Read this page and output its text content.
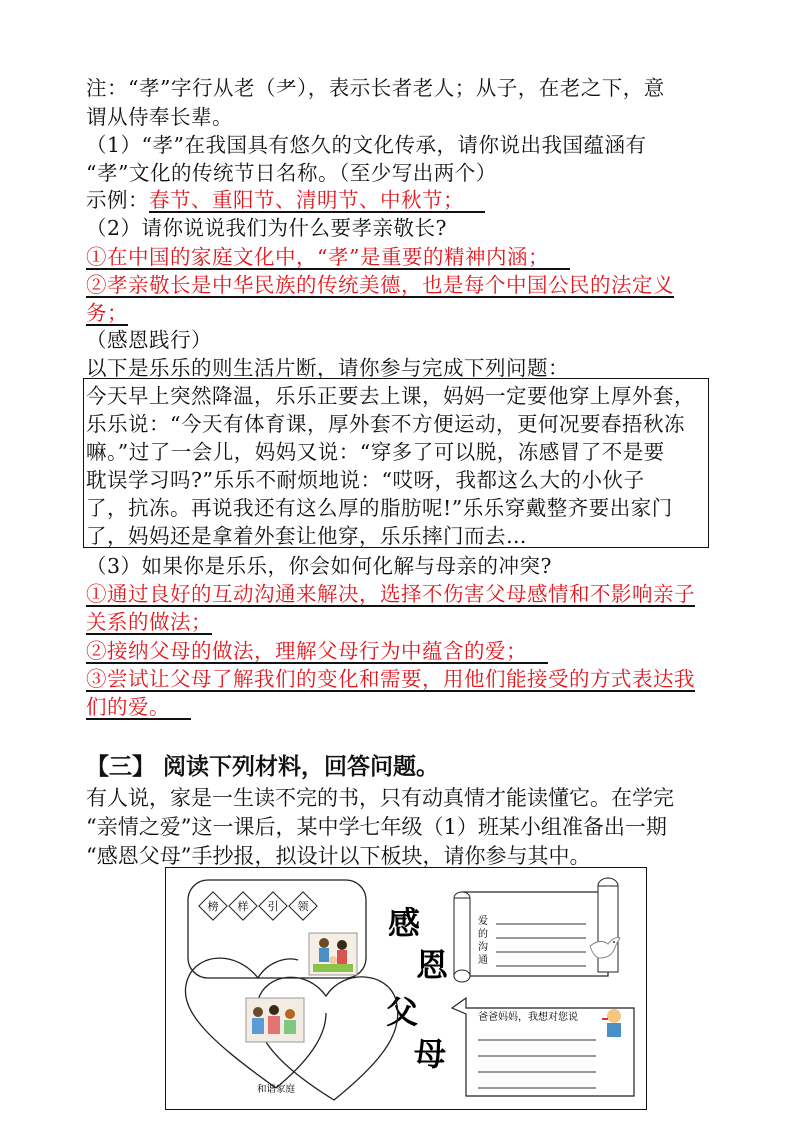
注：“孝”字行从老（耂），表示长者老人；从子，在老之下，意
谓从侍奉长辈。
（1）“孝”在我国具有悠久的文化传承，请你说出我国蕴涵有
“孝”文化的传统节日名称。（至少写出两个）
示例：春节、重阳节、清明节、中秋节； 
（2）请你说说我们为什么要孝亲敬长?
①在中国的家庭文化中，“孝”是重要的精神内涵； 
②孝亲敬长是中华民族的传统美德，也是每个中国公民的法定义
务；
（感恩践行）
以下是乐乐的则生活片断，请你参与完成下列问题：
今天早上突然降温，乐乐正要去上课，妈妈一定要他穿上厚外套，
乐乐说：“今天有体育课，厚外套不方便运动，更何况要春捂秋冻
嘛。”过了一会儿，妈妈又说：“穿多了可以脱，冻感冒了不是要
耽误学习吗?”乐乐不耐烦地说：“哎呀，我都这么大的小伙子
了，抗冻。再说我还有这么厚的脂肪呢!”乐乐穿戴整齐要出家门
了，妈妈还是拿着外套让他穿，乐乐摔门而去…
（3）如果你是乐乐，你会如何化解与母亲的冲突?
①通过良好的互动沟通来解决，选择不伤害父母感情和不影响亲子
关系的做法；
②接纳父母的做法，理解父母行为中蕴含的爱； 
③尝试让父母了解我们的变化和需要，用他们能接受的方式表达我
们的爱。 
【三】 阅读下列材料，回答问题。
有人说，家是一生读不完的书，只有动真情才能读懂它。在学完
“亲情之爱”这一课后，某中学七年级（1）班某小组准备出一期
“感恩父母”手抄报，拟设计以下板块，请你参与其中。
榜 样 引 领 感
恩
父
母
爱
的
沟
通
和谐家庭
爸爸妈妈，我想对您说
